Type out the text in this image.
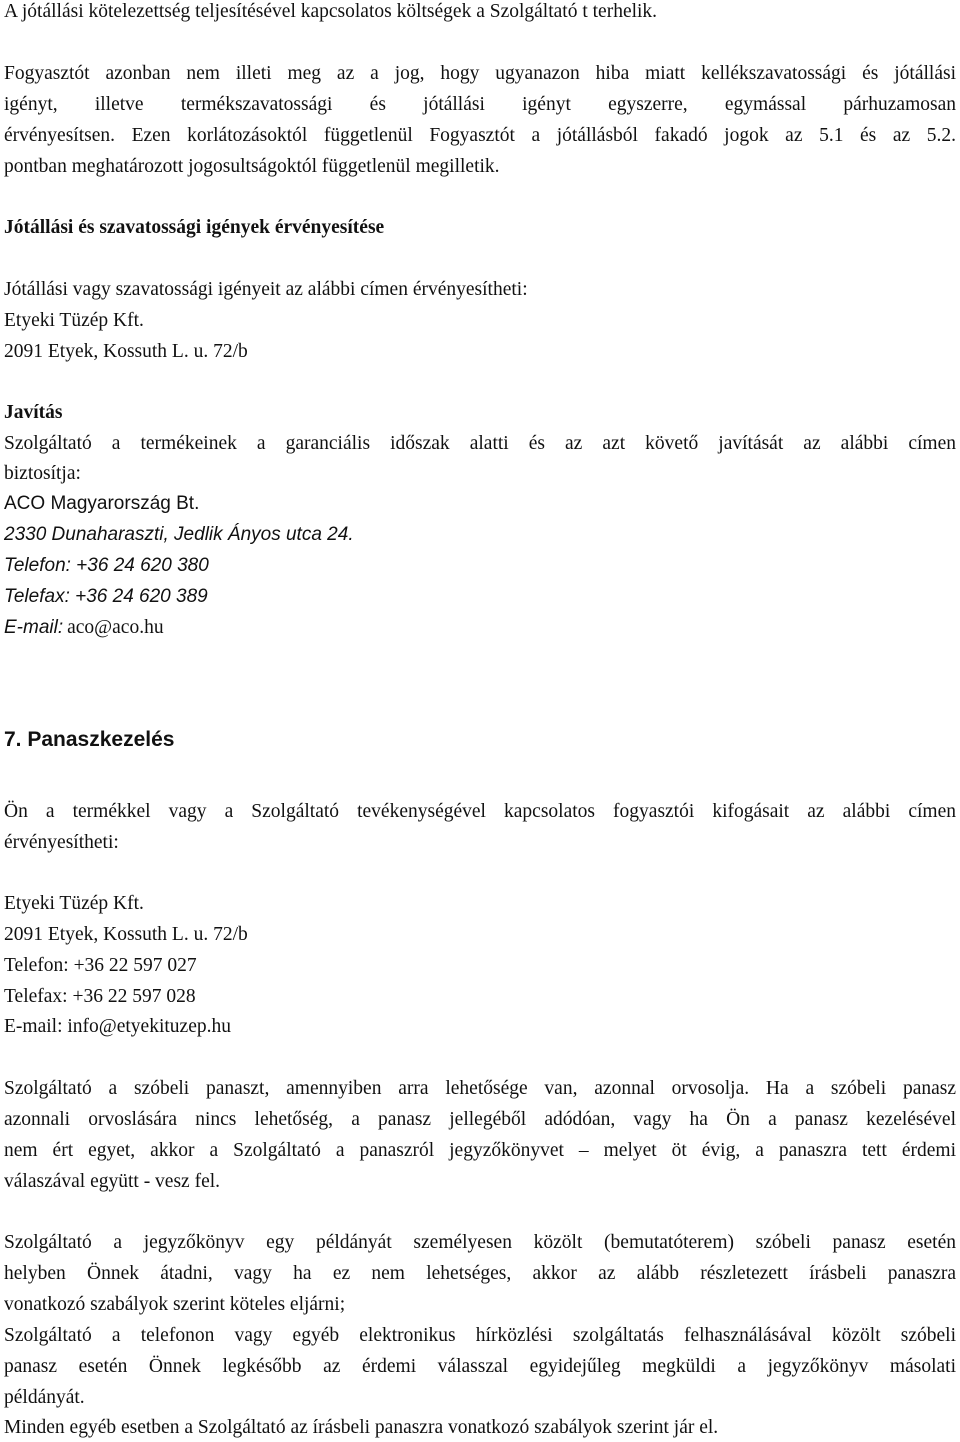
A jótállási kötelezettség teljesítésével kapcsolatos költségek a Szolgáltató t terhelik.
Fogyasztót azonban nem illeti meg az a jog, hogy ugyanazon hiba miatt kellékszavatossági és jótállási
igényt, illetve termékszavatossági és jótállási igényt egyszerre, egymással párhuzamosan
érvényesítsen. Ezen korlátozásoktól függetlenül Fogyasztót a jótállásból fakadó jogok az 5.1 és az 5.2.
pontban meghatározott jogosultságoktól függetlenül megilletik.
Jótállási és szavatossági igények érvényesítése
Jótállási vagy szavatossági igényeit az alábbi címen érvényesítheti:
Etyeki Tüzép Kft.
2091 Etyek, Kossuth L. u. 72/b
Javítás
Szolgáltató a termékeinek a garanciális időszak alatti és az azt követő javítását az alábbi címen
biztosítja:
ACO Magyarország Bt.
2330 Dunaharaszti, Jedlik Ányos utca 24.
Telefon: +36 24 620 380
Telefax: +36 24 620 389
E-mail: aco@aco.hu
7. Panaszkezelés
Ön a termékkel vagy a Szolgáltató tevékenységével kapcsolatos fogyasztói kifogásait az alábbi címen
érvényesítheti:
Etyeki Tüzép Kft.
2091 Etyek, Kossuth L. u. 72/b
Telefon: +36 22 597 027
Telefax: +36 22 597 028
E-mail: info@etyekituzep.hu
Szolgáltató a szóbeli panaszt, amennyiben arra lehetősége van, azonnal orvosolja. Ha a szóbeli panasz
azonnali orvoslására nincs lehetőség, a panasz jellegéből adódóan, vagy ha Ön a panasz kezelésével
nem ért egyet, akkor a Szolgáltató a panaszról jegyzőkönyvet – melyet öt évig, a panaszra tett érdemi
válaszával együtt - vesz fel.
Szolgáltató a jegyzőkönyv egy példányát személyesen közölt (bemutatóterem) szóbeli panasz esetén
helyben Önnek átadni, vagy ha ez nem lehetséges, akkor az alább részletezett írásbeli panaszra
vonatkozó szabályok szerint köteles eljárni;
Szolgáltató a telefonon vagy egyéb elektronikus hírközlési szolgáltatás felhasználásával közölt szóbeli
panasz esetén Önnek legkésőbb az érdemi válasszal egyidejűleg megküldi a jegyzőkönyv másolati
példányát.
Minden egyéb esetben a Szolgáltató az írásbeli panaszra vonatkozó szabályok szerint jár el.
